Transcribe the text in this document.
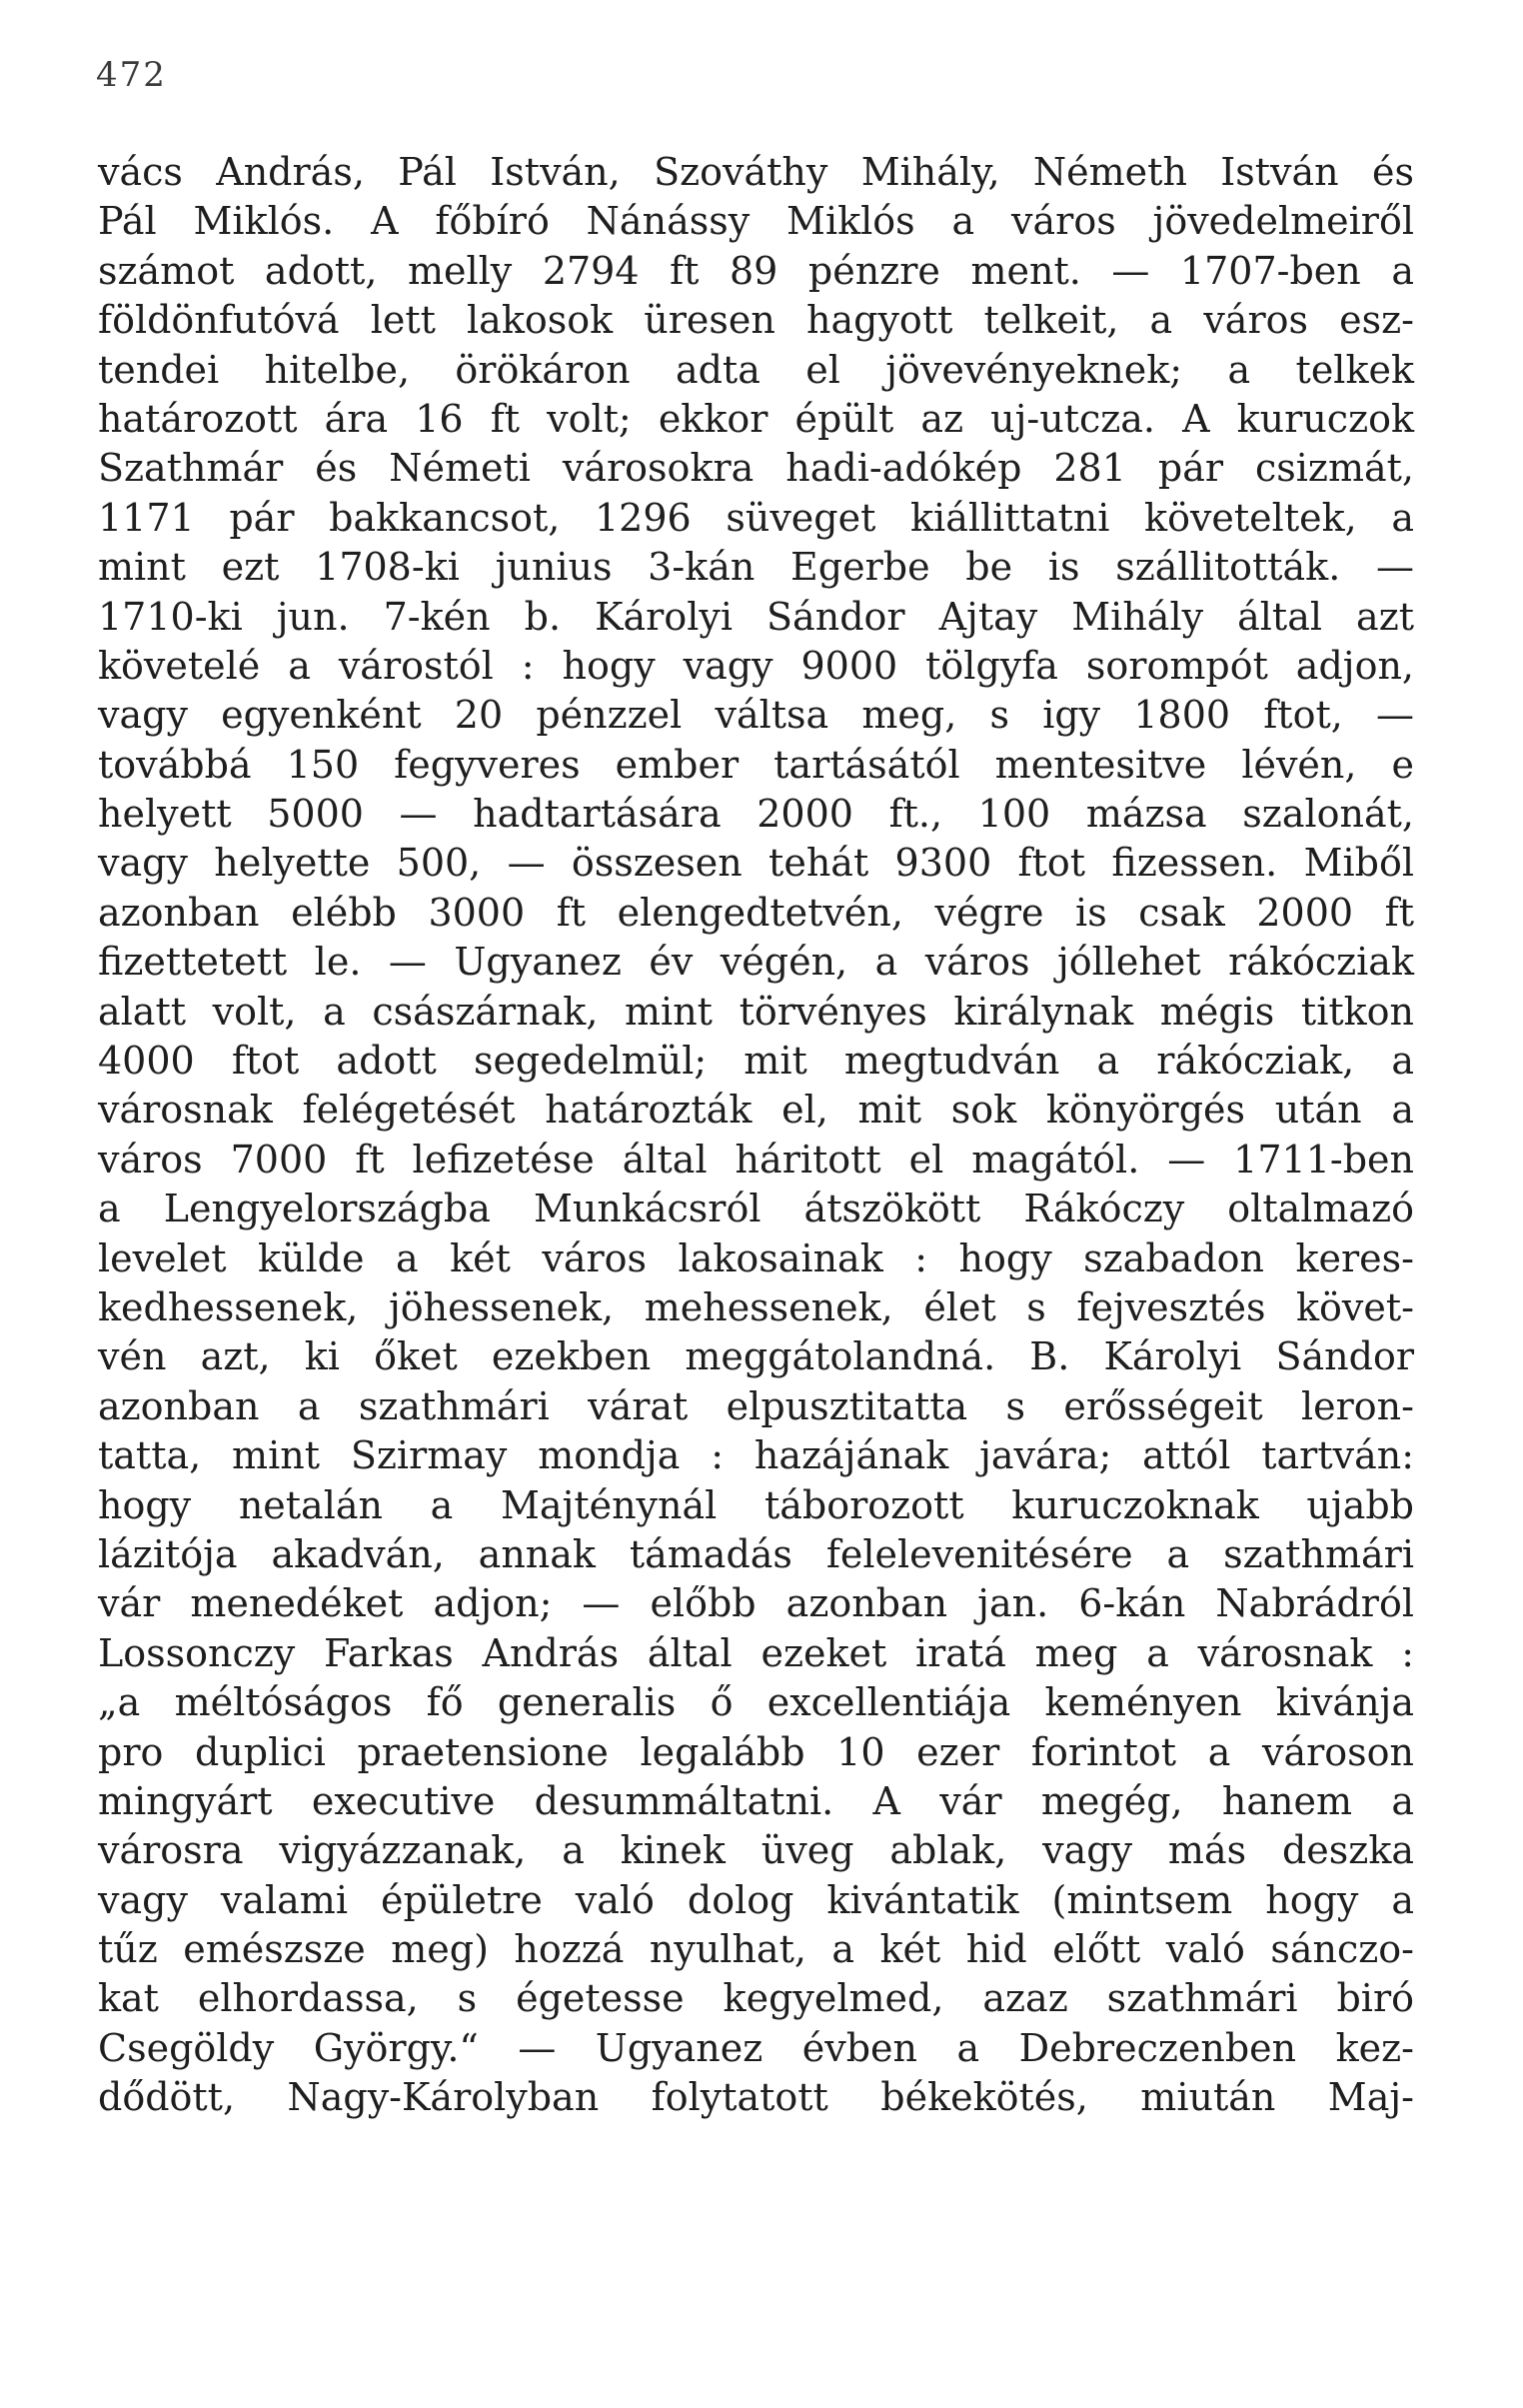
472
vács András, Pál István, Szováthy Mihály, Németh István és
Pál Miklós. A főbíró Nánássy Miklós a város jövedelmeiről
számot adott, melly 2794 ft 89 pénzre ment. — 1707-ben a
földönfutóvá lett lakosok üresen hagyott telkeit, a város esz-
tendei hitelbe, örökáron adta el jövevényeknek; a telkek
határozott ára 16 ft volt; ekkor épült az uj-utcza. A kuruczok
Szathmár és Németi városokra hadi-adókép 281 pár csizmát,
1171 pár bakkancsot, 1296 süveget kiállittatni követeltek, a
mint ezt 1708-ki junius 3-kán Egerbe be is szállitották. —
1710-ki jun. 7-kén b. Károlyi Sándor Ajtay Mihály által azt
követelé a várostól : hogy vagy 9000 tölgyfa sorompót adjon,
vagy egyenként 20 pénzzel váltsa meg, s igy 1800 ftot, —
továbbá 150 fegyveres ember tartásától mentesitve lévén, e
helyett 5000 — hadtartására 2000 ft., 100 mázsa szalonát,
vagy helyette 500, — összesen tehát 9300 ftot fizessen. Miből
azonban elébb 3000 ft elengedtetvén, végre is csak 2000 ft
fizettetett le. — Ugyanez év végén, a város jóllehet rákócziak
alatt volt, a császárnak, mint törvényes királynak mégis titkon
4000 ftot adott segedelmül; mit megtudván a rákócziak, a
városnak felégetését határozták el, mit sok könyörgés után a
város 7000 ft lefizetése által háritott el magától. — 1711-ben
a Lengyelországba Munkácsról átszökött Rákóczy oltalmazó
levelet külde a két város lakosainak : hogy szabadon keres-
kedhessenek, jöhessenek, mehessenek, élet s fejvesztés követ-
vén azt, ki őket ezekben meggátolandná. B. Károlyi Sándor
azonban a szathmári várat elpusztitatta s erősségeit leron-
tatta, mint Szirmay mondja : hazájának javára; attól tartván:
hogy netalán a Majténynál táborozott kuruczoknak ujabb
lázitója akadván, annak támadás felelevenitésére a szathmári
vár menedéket adjon; — előbb azonban jan. 6-kán Nabrádról
Lossonczy Farkas András által ezeket iratá meg a városnak :
„a méltóságos fő generalis ő excellentiája keményen kivánja
pro duplici praetensione legalább 10 ezer forintot a városon
mingyárt executive desummáltatni. A vár megég, hanem a
városra vigyázzanak, a kinek üveg ablak, vagy más deszka
vagy valami épületre való dolog kivántatik (mintsem hogy a
tűz emészsze meg) hozzá nyulhat, a két hid előtt való sánczo-
kat elhordassa, s égetesse kegyelmed, azaz szathmári biró
Csegöldy György.“ — Ugyanez évben a Debreczenben kez-
dődött, Nagy-Károlyban folytatott békekötés, miután Maj-
